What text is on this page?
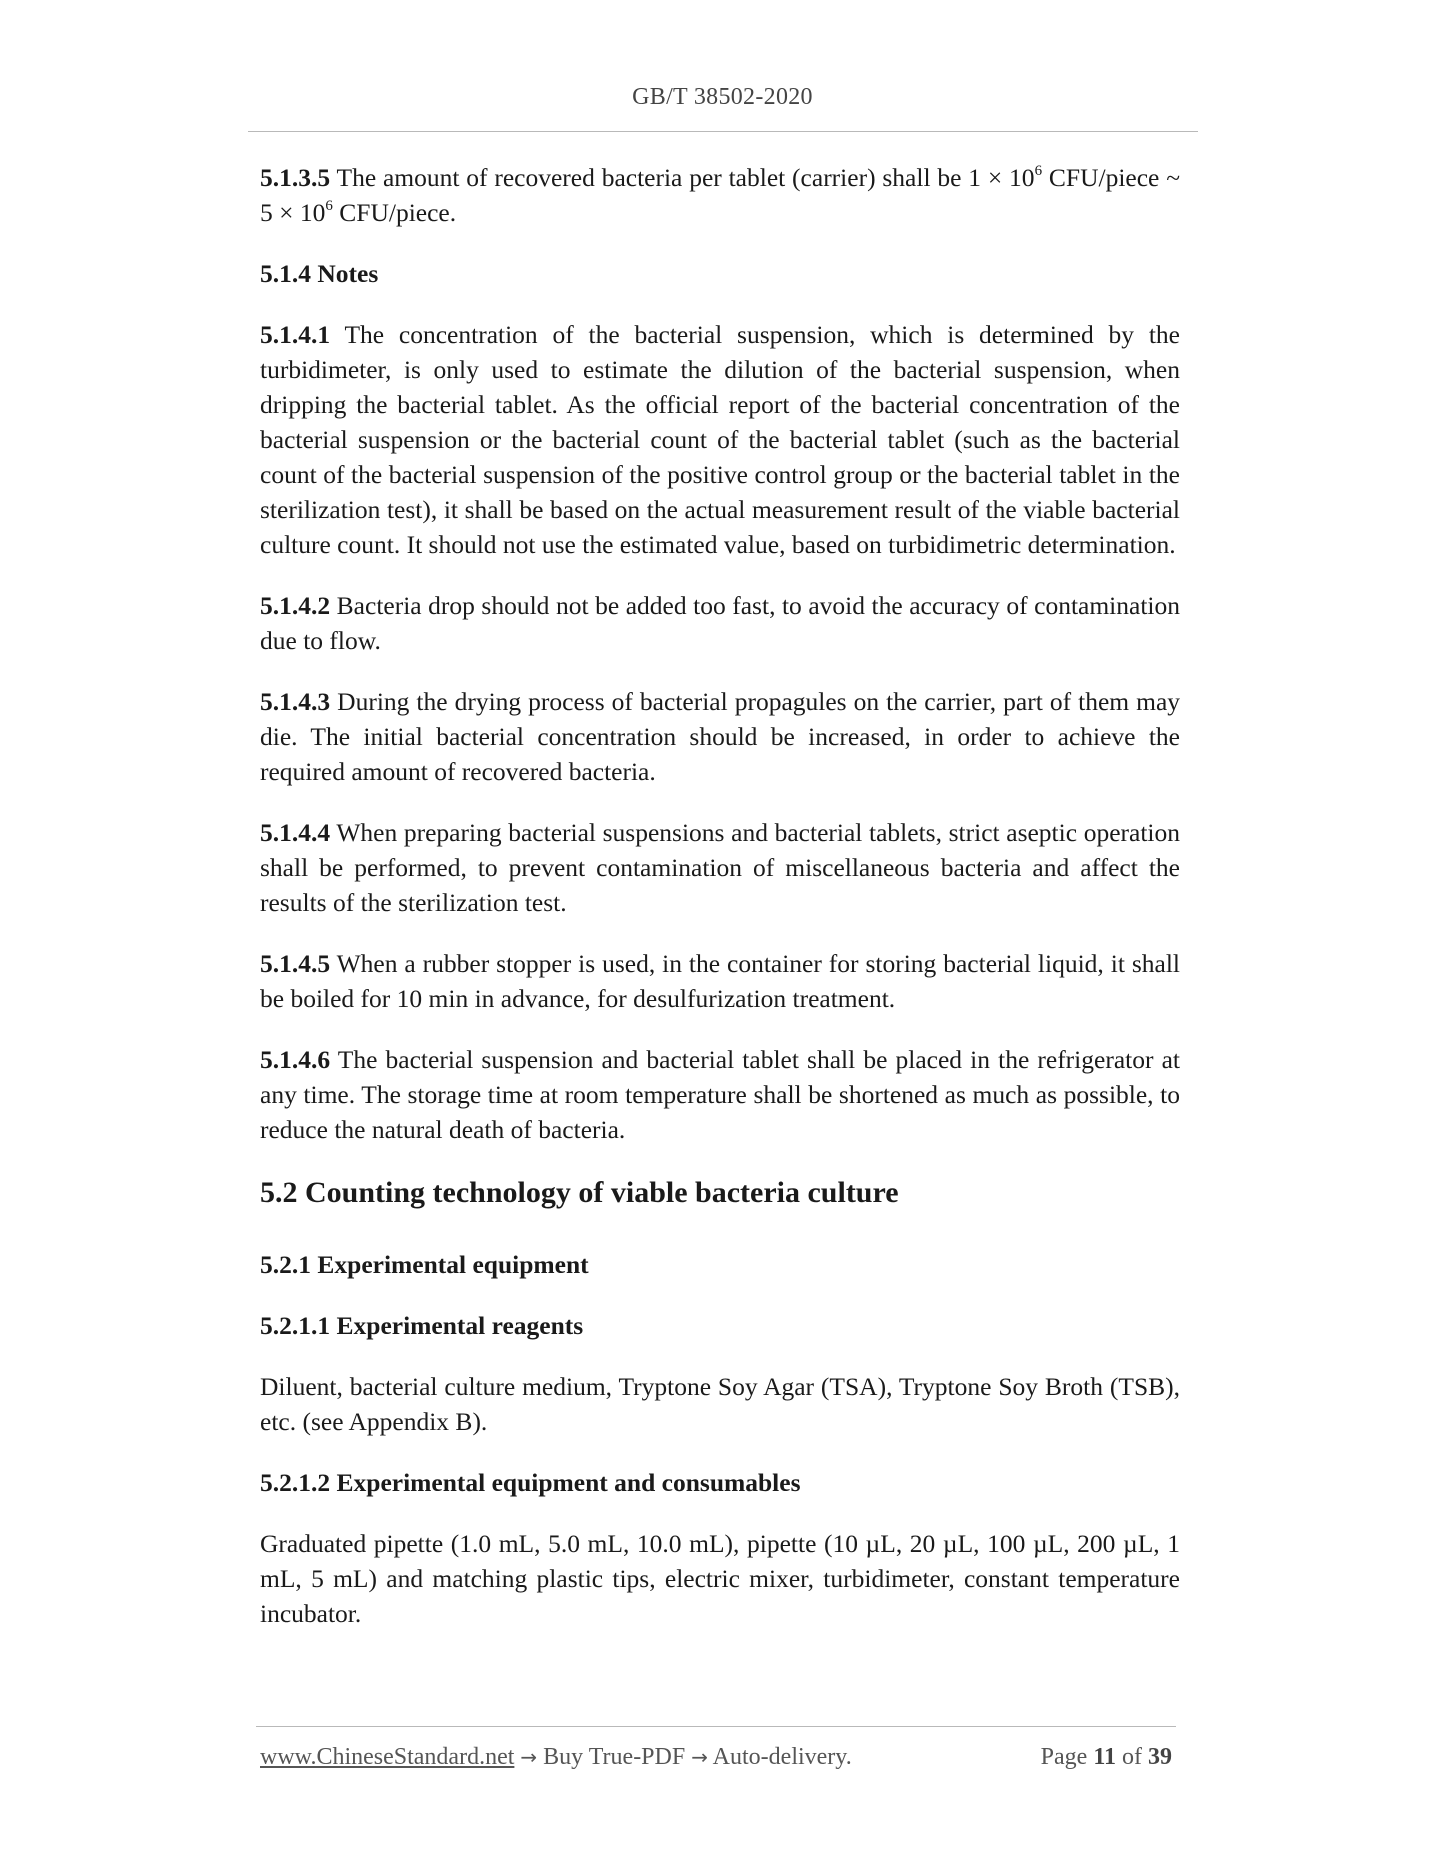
GB/T 38502-2020

5.1.3.5 The amount of recovered bacteria per tablet (carrier) shall be $1 \times 10^6$ CFU/piece ~ $5 \times 10^6$ CFU/piece.

5.1.4 Notes

5.1.4.1 The concentration of the bacterial suspension, which is determined by the turbidimeter, is only used to estimate the dilution of the bacterial suspension, when dripping the bacterial tablet. As the official report of the bacterial concentration of the bacterial suspension or the bacterial count of the bacterial tablet (such as the bacterial count of the bacterial suspension of the positive control group or the bacterial tablet in the sterilization test), it shall be based on the actual measurement result of the viable bacterial culture count. It should not use the estimated value, based on turbidimetric determination.

5.1.4.2 Bacteria drop should not be added too fast, to avoid the accuracy of contamination due to flow.

5.1.4.3 During the drying process of bacterial propagules on the carrier, part of them may die. The initial bacterial concentration should be increased, in order to achieve the required amount of recovered bacteria.

5.1.4.4 When preparing bacterial suspensions and bacterial tablets, strict aseptic operation shall be performed, to prevent contamination of miscellaneous bacteria and affect the results of the sterilization test.

5.1.4.5 When a rubber stopper is used, in the container for storing bacterial liquid, it shall be boiled for 10 min in advance, for desulfurization treatment.

5.1.4.6 The bacterial suspension and bacterial tablet shall be placed in the refrigerator at any time. The storage time at room temperature shall be shortened as much as possible, to reduce the natural death of bacteria.

5.2 Counting technology of viable bacteria culture

5.2.1 Experimental equipment

5.2.1.1 Experimental reagents

Diluent, bacterial culture medium, Tryptone Soy Agar (TSA), Tryptone Soy Broth (TSB), etc. (see Appendix B).

5.2.1.2 Experimental equipment and consumables

Graduated pipette (1.0 mL, 5.0 mL, 10.0 mL), pipette (10 µL, 20 µL, 100 µL, 200 µL, 1 mL, 5 mL) and matching plastic tips, electric mixer, turbidimeter, constant temperature incubator.

www.ChineseStandard.net → Buy True-PDF → Auto-delivery.	Page 11 of 39
